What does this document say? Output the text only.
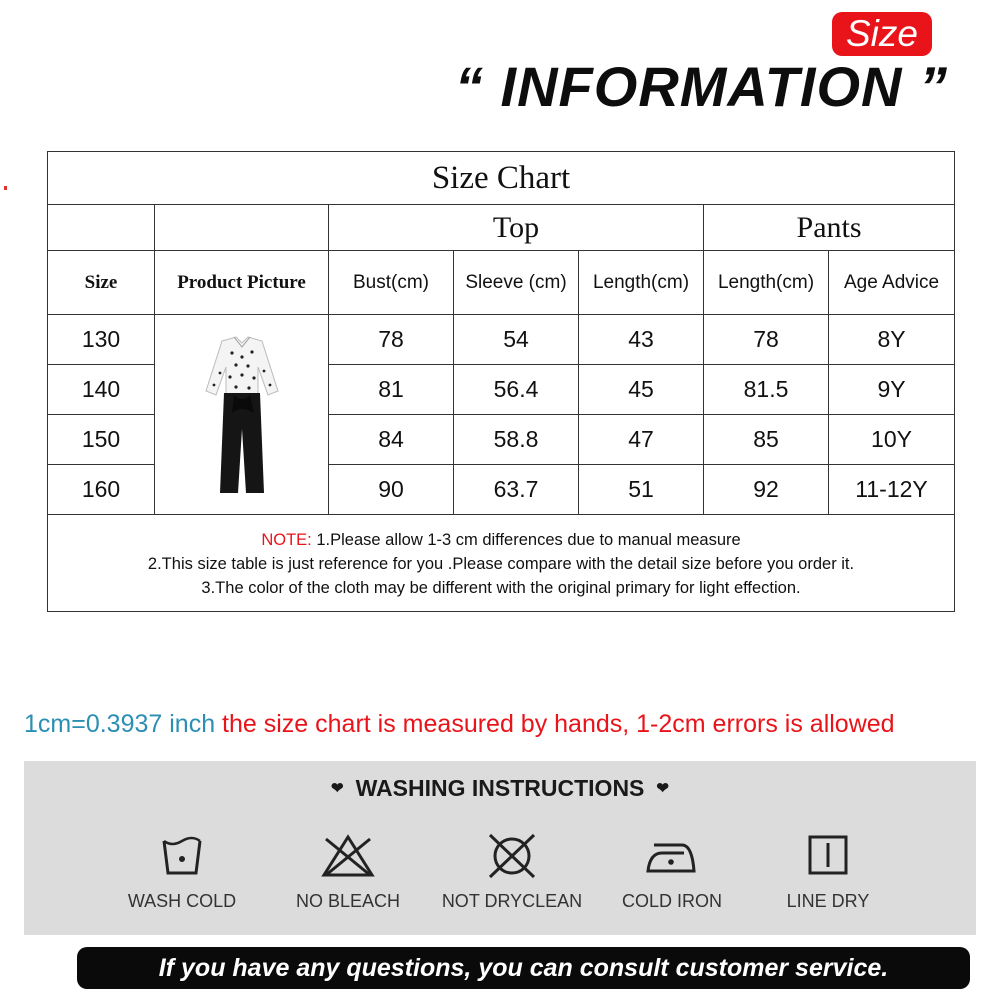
Size
“ INFORMATION ”
Size Chart						
		Top			Pants	
Size	Product Picture	Bust(cm)	Sleeve (cm)	Length(cm)	Length(cm)	Age Advice
130		78	54	43	78	8Y
140		81	56.4	45	81.5	9Y
150		84	58.8	47	85	10Y
160		90	63.7	51	92	11-12Y

NOTE: 1.Please allow 1-3 cm differences due to manual measure
2.This size table is just reference for you .Please compare with the detail size before you order it.
3.The color of the cloth may be different with the original primary for light effection.						
1cm=0.3937 inch the size chart is measured by hands, 1-2cm errors is allowed
❤ WASHING INSTRUCTIONS ❤
WASH COLD	NO BLEACH	NOT DRYCLEAN	COLD IRON	LINE DRY
If you have any questions, you can consult customer service.
